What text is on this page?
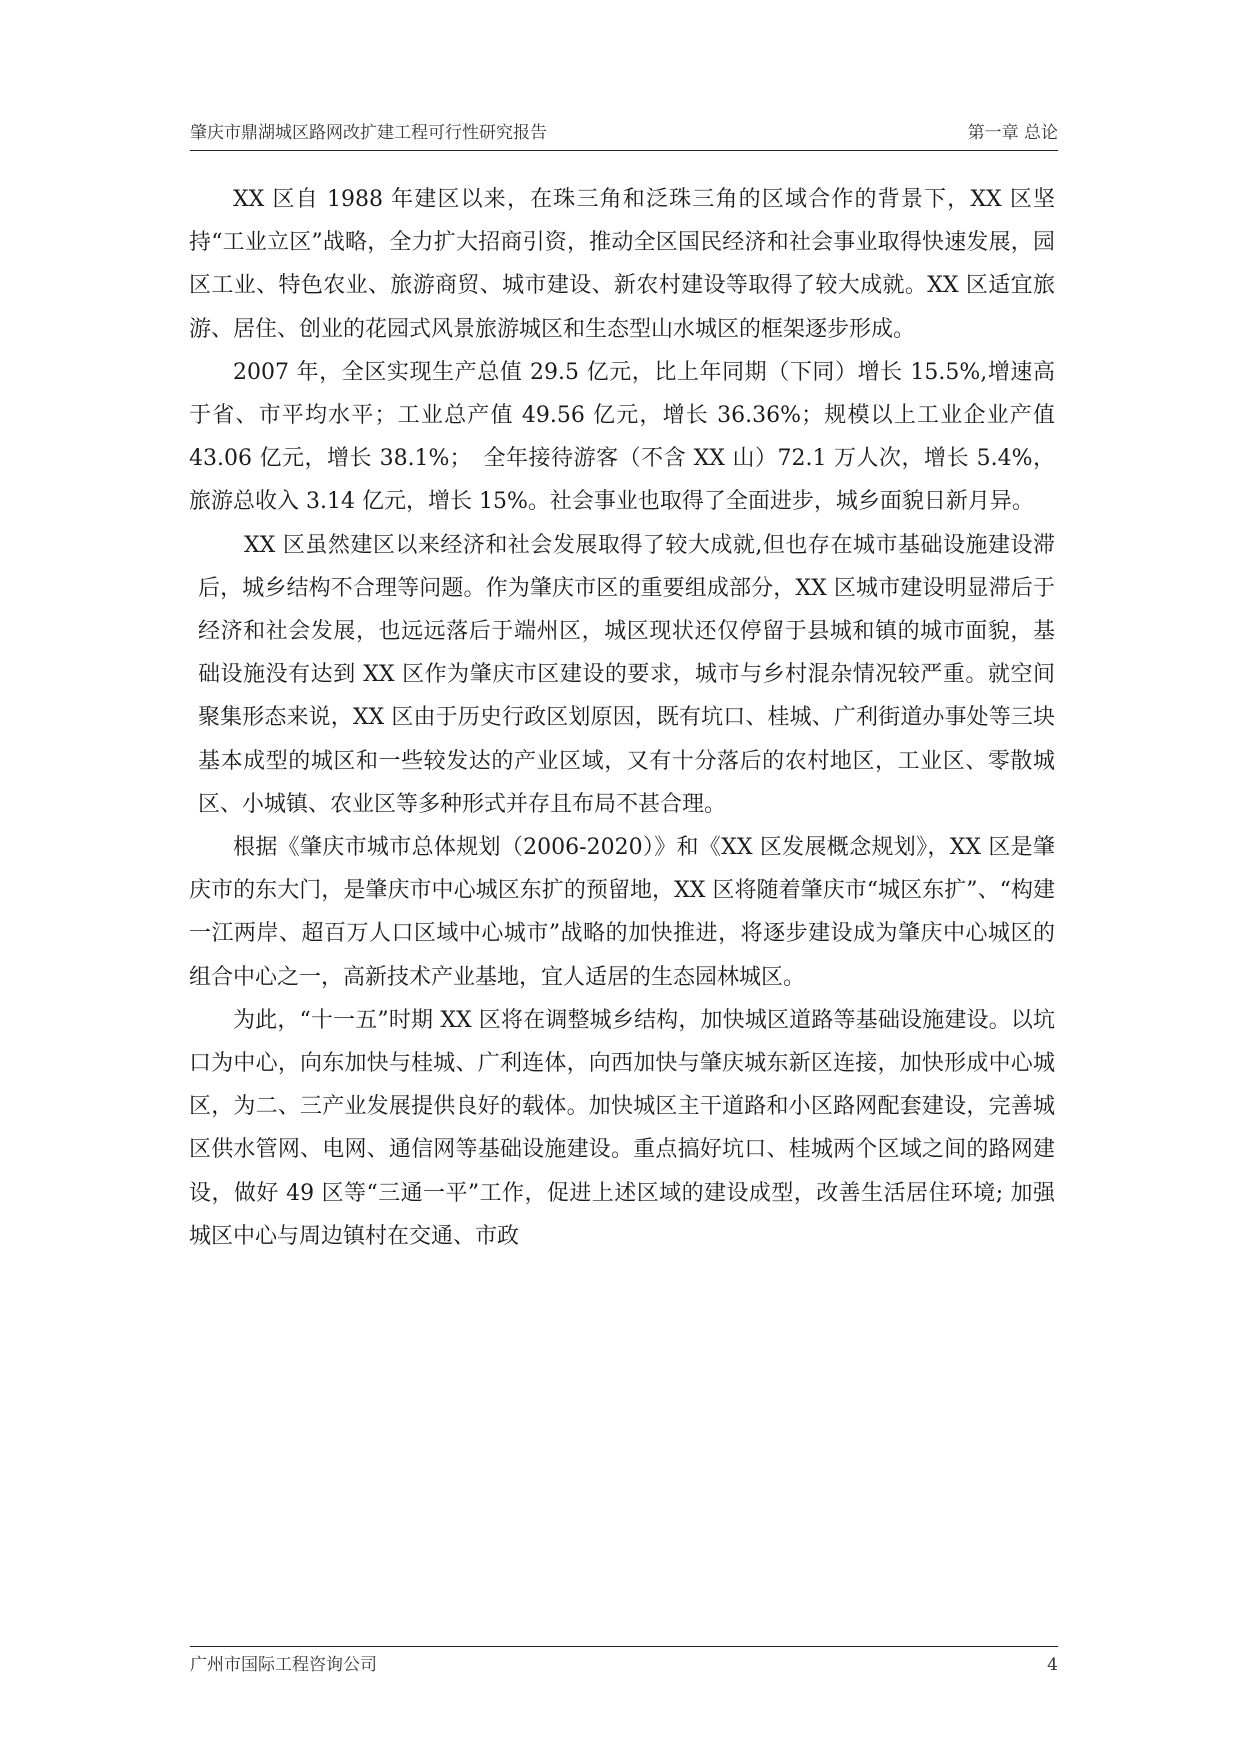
肇庆市鼎湖城区路网改扩建工程可行性研究报告	第一章 总论

XX 区自 1988 年建区以来，在珠三角和泛珠三角的区域合作的背景下，XX 区坚持“工业立区”战略，全力扩大招商引资，推动全区国民经济和社会事业取得快速发展，园区工业、特色农业、旅游商贸、城市建设、新农村建设等取得了较大成就。XX 区适宜旅游、居住、创业的花园式风景旅游城区和生态型山水城区的框架逐步形成。

2007 年，全区实现生产总值 29.5 亿元，比上年同期（下同）增长 15.5%,增速高于省、市平均水平；工业总产值 49.56 亿元，增长 36.36%；规模以上工业企业产值 43.06 亿元，增长 38.1%；　全年接待游客（不含 XX 山）72.1 万人次，增长 5.4%，旅游总收入 3.14 亿元，增长 15%。社会事业也取得了全面进步，城乡面貌日新月异。

XX 区虽然建区以来经济和社会发展取得了较大成就,但也存在城市基础设施建设滞后，城乡结构不合理等问题。作为肇庆市区的重要组成部分，XX 区城市建设明显滞后于经济和社会发展，也远远落后于端州区，城区现状还仅停留于县城和镇的城市面貌，基础设施没有达到 XX 区作为肇庆市区建设的要求，城市与乡村混杂情况较严重。就空间聚集形态来说，XX 区由于历史行政区划原因，既有坑口、桂城、广利街道办事处等三块基本成型的城区和一些较发达的产业区域，又有十分落后的农村地区，工业区、零散城区、小城镇、农业区等多种形式并存且布局不甚合理。

根据《肇庆市城市总体规划（2006-2020）》和《XX 区发展概念规划》，XX 区是肇庆市的东大门，是肇庆市中心城区东扩的预留地，XX 区将随着肇庆市“城区东扩”、“构建一江两岸、超百万人口区域中心城市”战略的加快推进，将逐步建设成为肇庆中心城区的组合中心之一，高新技术产业基地，宜人适居的生态园林城区。

为此，“十一五”时期 XX 区将在调整城乡结构，加快城区道路等基础设施建设。以坑口为中心，向东加快与桂城、广利连体，向西加快与肇庆城东新区连接，加快形成中心城区，为二、三产业发展提供良好的载体。加快城区主干道路和小区路网配套建设，完善城区供水管网、电网、通信网等基础设施建设。重点搞好坑口、桂城两个区域之间的路网建设，做好 49 区等“三通一平”工作，促进上述区域的建设成型，改善生活居住环境; 加强城区中心与周边镇村在交通、市政

广州市国际工程咨询公司	4
